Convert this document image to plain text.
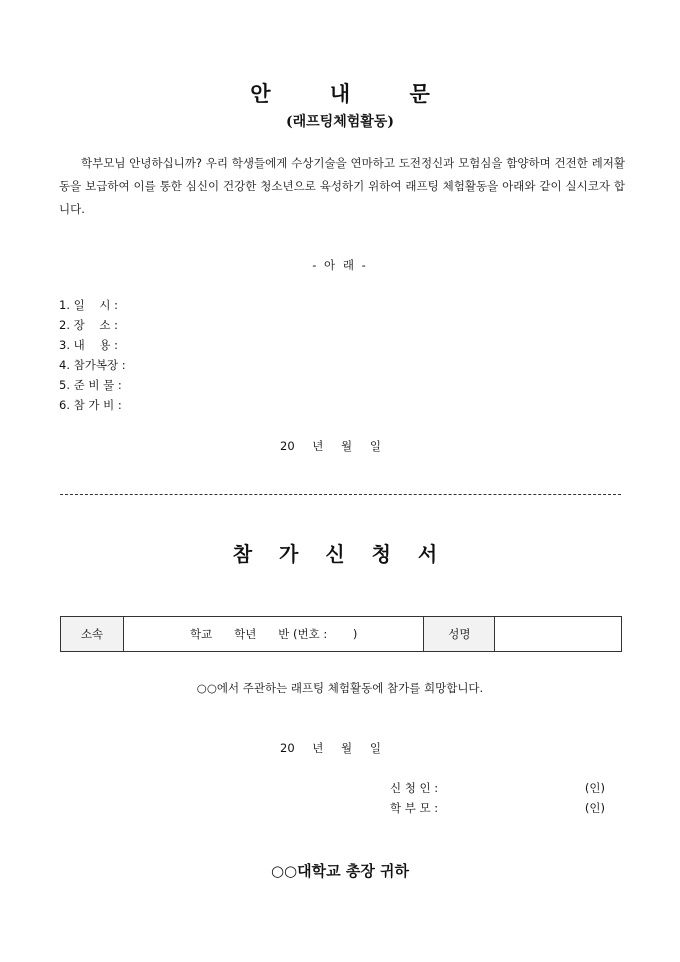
안 내 문
(래프팅체험활동)
학부모님 안녕하십니까? 우리 학생들에게 수상기술을 연마하고 도전정신과 모험심을 함양하며 건전한 레저활동을 보급하여 이를 통한 심신이 건강한 청소년으로 육성하기 위하여 래프팅 체험활동을 아래와 같이 실시코자 합니다.
- 아 래 -
1. 일    시 :
2. 장    소 :
3. 내    용 :
4. 참가복장 :
5. 준 비 물 :
6. 참 가 비 :
20 년 월 일
참 가 신 청 서
소속	학교      학년      반 (번호 :       )	성명	
○○에서 주관하는 래프팅 체험활동에 참가를 희망합니다.
20 년 월 일
신 청 인 :	(인)
학 부 모 :	(인)
○○대학교 총장 귀하
